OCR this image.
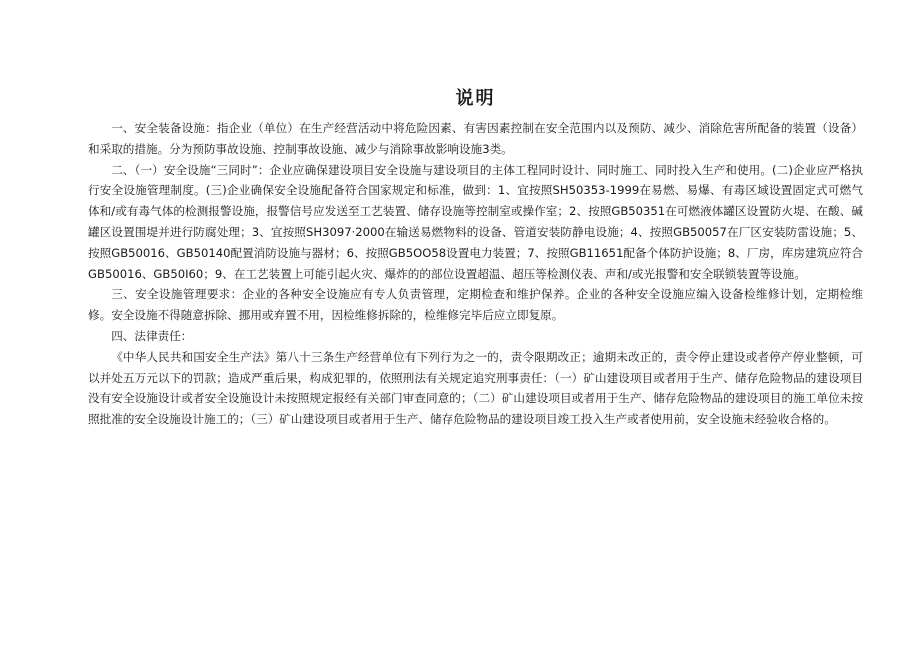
说明

一、安全装备设施：指企业（单位）在生产经营活动中将危险因素、有害因素控制在安全范围内以及预防、减少、消除危害所配备的装置（设备）和采取的措施。分为预防事故设施、控制事故设施、减少与消除事故影响设施3类。

二、（一）安全设施“三同时”：企业应确保建设项目安全设施与建设项目的主体工程同时设计、同时施工、同时投入生产和使用。(二)企业应严格执行安全设施管理制度。(三)企业确保安全设施配备符合国家规定和标准，做到：1、宜按照SH50353-1999在易燃、易爆、有毒区域设置固定式可燃气体和/或有毒气体的检测报警设施，报警信号应发送至工艺装置、储存设施等控制室或操作室；2、按照GB50351在可燃液体罐区设置防火堤、在酸、碱罐区设置围堤并进行防腐处理；3、宜按照SH3097·2000在输送易燃物料的设备、管道安装防静电设施；4、按照GB50057在厂区安装防雷设施；5、按照GB50016、GB50140配置消防设施与器材；6、按照GB5OO58设置电力装置；7、按照GB11651配备个体防护设施；8、厂房，库房建筑应符合GB50016、GB50I60；9、在工艺装置上可能引起火灾、爆炸的的部位设置超温、超压等检测仪表、声和/或光报警和安全联锁装置等设施。

三、安全设施管理要求：企业的各种安全设施应有专人负责管理，定期检查和维护保养。企业的各种安全设施应编入设备检维修计划，定期检维修。安全设施不得随意拆除、挪用或弃置不用，因检维修拆除的，检维修完毕后应立即复原。

四、法律责任：

《中华人民共和国安全生产法》第八十三条生产经营单位有下列行为之一的，责令限期改正；逾期未改正的，责令停止建设或者停产停业整顿，可以并处五万元以下的罚款；造成严重后果，构成犯罪的，依照刑法有关规定追究刑事责任：（一）矿山建设项目或者用于生产、储存危险物品的建设项目没有安全设施设计或者安全设施设计未按照规定报经有关部门审查同意的；（二）矿山建设项目或者用于生产、储存危险物品的建设项目的施工单位未按照批准的安全设施设计施工的；（三）矿山建设项目或者用于生产、储存危险物品的建设项目竣工投入生产或者使用前，安全设施未经验收合格的。
